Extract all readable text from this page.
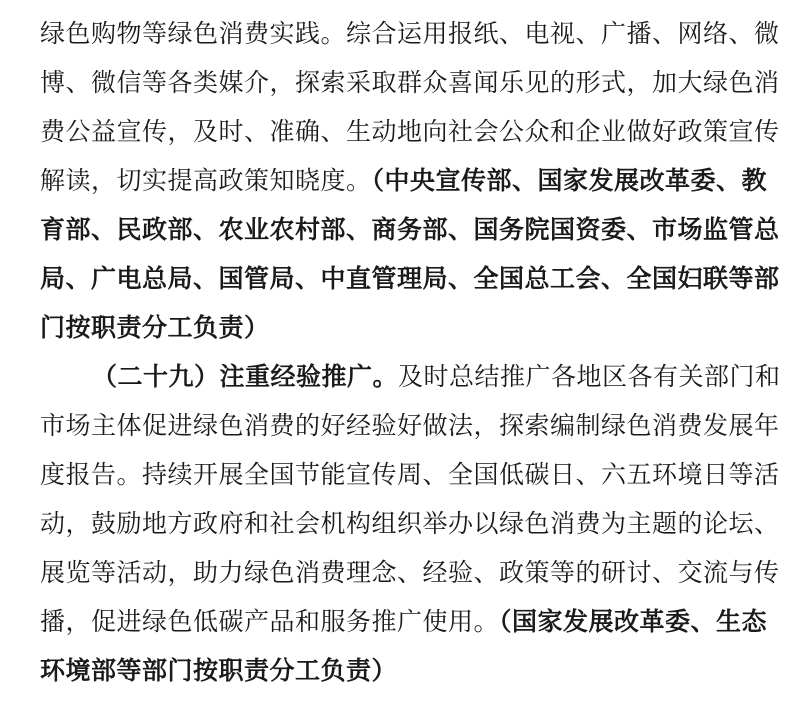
绿色购物等绿色消费实践。综合运用报纸、电视、广播、网络、微
博、微信等各类媒介，探索采取群众喜闻乐见的形式，加大绿色消
费公益宣传，及时、准确、生动地向社会公众和企业做好政策宣传
解读，切实提高政策知晓度。（中央宣传部、国家发展改革委、教
育部、民政部、农业农村部、商务部、国务院国资委、市场监管总
局、广电总局、国管局、中直管理局、全国总工会、全国妇联等部
门按职责分工负责）
（二十九）注重经验推广。及时总结推广各地区各有关部门和
市场主体促进绿色消费的好经验好做法，探索编制绿色消费发展年
度报告。持续开展全国节能宣传周、全国低碳日、六五环境日等活
动，鼓励地方政府和社会机构组织举办以绿色消费为主题的论坛、
展览等活动，助力绿色消费理念、经验、政策等的研讨、交流与传
播，促进绿色低碳产品和服务推广使用。（国家发展改革委、生态
环境部等部门按职责分工负责）
